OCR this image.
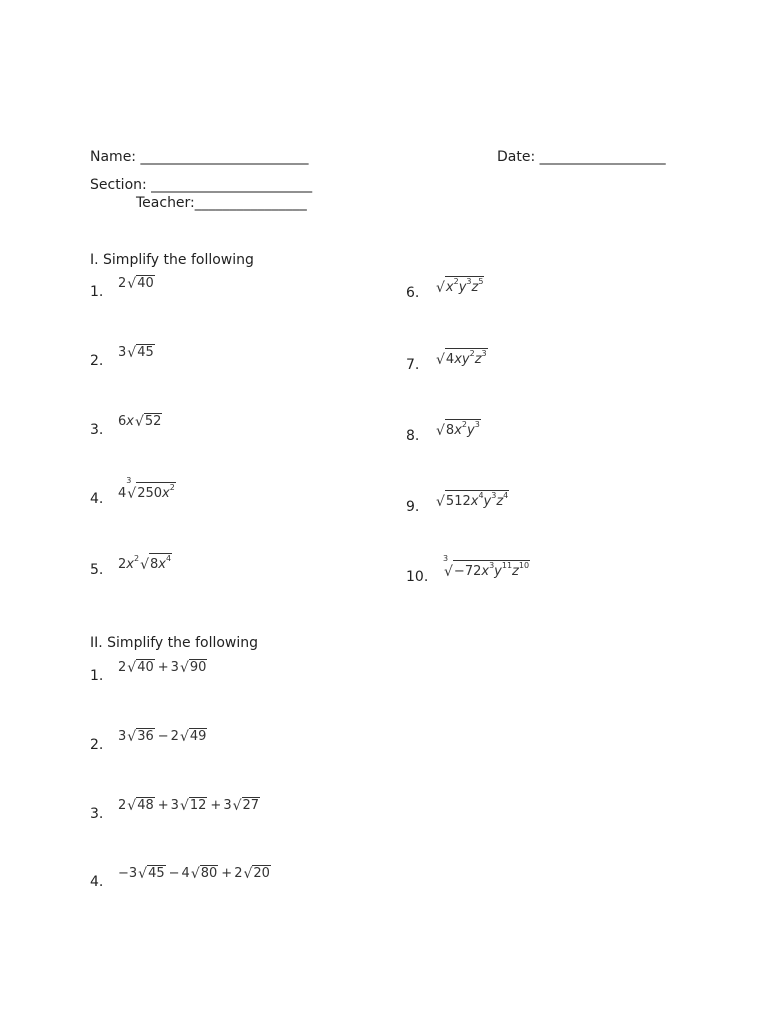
Name: ________________________	Date: __________________
Section: _______________________
Teacher:________________
I. Simplify the following
II. Simplify the following
1.
2 √ 40
2.
3 √ 45
3.
6 x √ 52
4. 4
3
√ $250x^2$
5. 2 $x^2$ √ $8x^4$
6. √ $x^2y^3z^5$
7. √ $4xy^2z^3$
8. √ $8x^2y^3$
9. √ $512x^4y^3z^4$
10.
3
√ $-72x^3y^{11}z^{10}$
1.
2 √ 40 + 3 √ 90
2.
3 √ 36 − 2 √ 49
3.
2 √ 48 + 3 √ 12 + 3 √ 27
4.
−3 √ 45 − 4 √ 80 + 2 √ 20
